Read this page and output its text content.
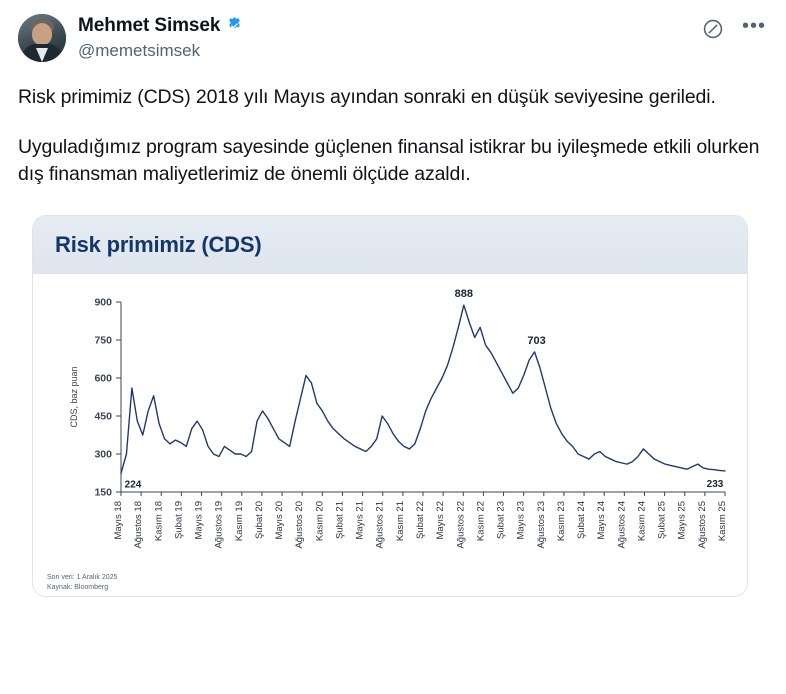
Mehmet Simsek
@memetsimsek
•••

Risk primimiz (CDS) 2018 yılı Mayıs ayından sonraki en düşük seviyesine geriledi.

Uyguladığımız program sayesinde güçlenen finansal istikrar bu iyileşmede etkili olurken dış finansman maliyetlerimiz de önemli ölçüde azaldı.

Risk primimiz (CDS)
150
300
450
600
750
900
CDS, baz puan
Mayıs 18 Ağustos 18 Kasım 18 Şubat 19 Mayıs 19 Ağustos 19 Kasım 19 Şubat 20 Mayıs 20 Ağustos 20 Kasım 20 Şubat 21 Mayıs 21 Ağustos 21 Kasım 21 Şubat 22 Mayıs 22 Ağustos 22 Kasım 22 Şubat 23 Mayıs 23 Ağustos 23 Kasım 23 Şubat 24 Mayıs 24 Ağustos 24 Kasım 24 Şubat 25 Mayıs 25 Ağustos 25 Kasım 25
888
703
224	233
Son veri: 1 Aralık 2025
Kaynak: Bloomberg
